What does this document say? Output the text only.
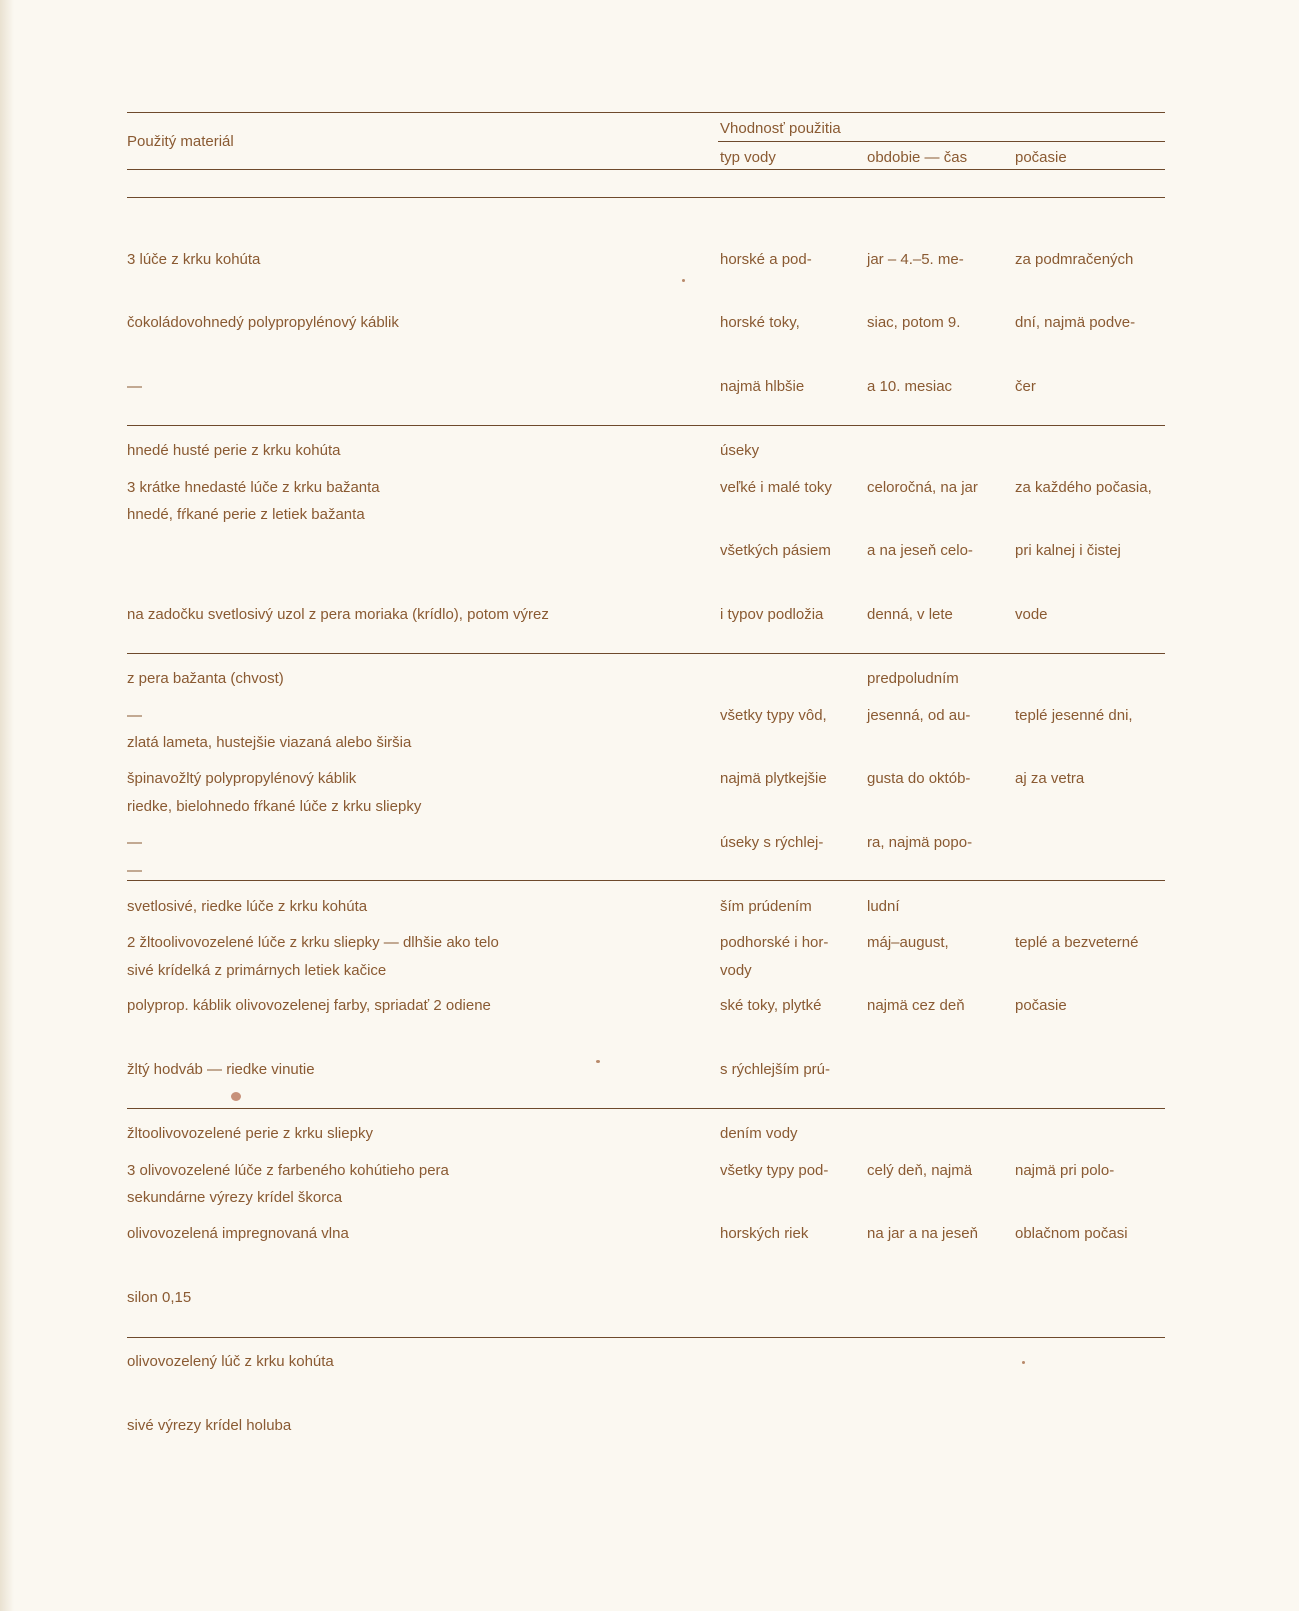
Použitý materiál
Vhodnosť použitia
typ vody	obdobie — čas	počasie

3 lúče z krku kohúta

čokoládovohnedý polypropylénový káblik

—

hnedé husté perie z krku kohúta

hnedé, fŕkané perie z letiek bažanta

horské a pod-

horské toky,

najmä hlbšie

úseky

jar – 4.–5. me-

siac, potom 9.

a 10. mesiac

za podmračených

dní, najmä podve-

čer

3 krátke hnedasté lúče z krku bažanta

na zadočku svetlosivý uzol z pera moriaka (krídlo), potom výrez

z pera bažanta (chvost)

zlatá lameta, hustejšie viazaná alebo širšia

riedke, bielohnedo fŕkané lúče z krku sliepky

—

veľké i malé toky

všetkých pásiem

i typov podložia

celoročná, na jar

a na jeseň celo-

denná, v lete

predpoludním

za každého počasia,

pri kalnej i čistej

vode

—

špinavožltý polypropylénový káblik

—

svetlosivé, riedke lúče z krku kohúta

sivé krídelká z primárnych letiek kačice

všetky typy vôd,

najmä plytkejšie

úseky s rýchlej-

ším prúdením

vody

jesenná, od au-

gusta do októb-

ra, najmä popo-

ludní

teplé jesenné dni,

aj za vetra

2 žltoolivovozelené lúče z krku sliepky — dlhšie ako telo

polyprop. káblik olivovozelenej farby, spriadať 2 odiene

žltý hodváb — riedke vinutie

žltoolivovozelené perie z krku sliepky

sekundárne výrezy krídel škorca

podhorské i hor-

ské toky, plytké

s rýchlejším prú-

dením vody

máj–august,

najmä cez deň

teplé a bezveterné

počasie

3 olivovozelené lúče z farbeného kohútieho pera

olivovozelená impregnovaná vlna

silon 0,15

olivovozelený lúč z krku kohúta

sivé výrezy krídel holuba

všetky typy pod-

horských riek

celý deň, najmä

na jar a na jeseň

najmä pri polo-

oblačnom počasi
